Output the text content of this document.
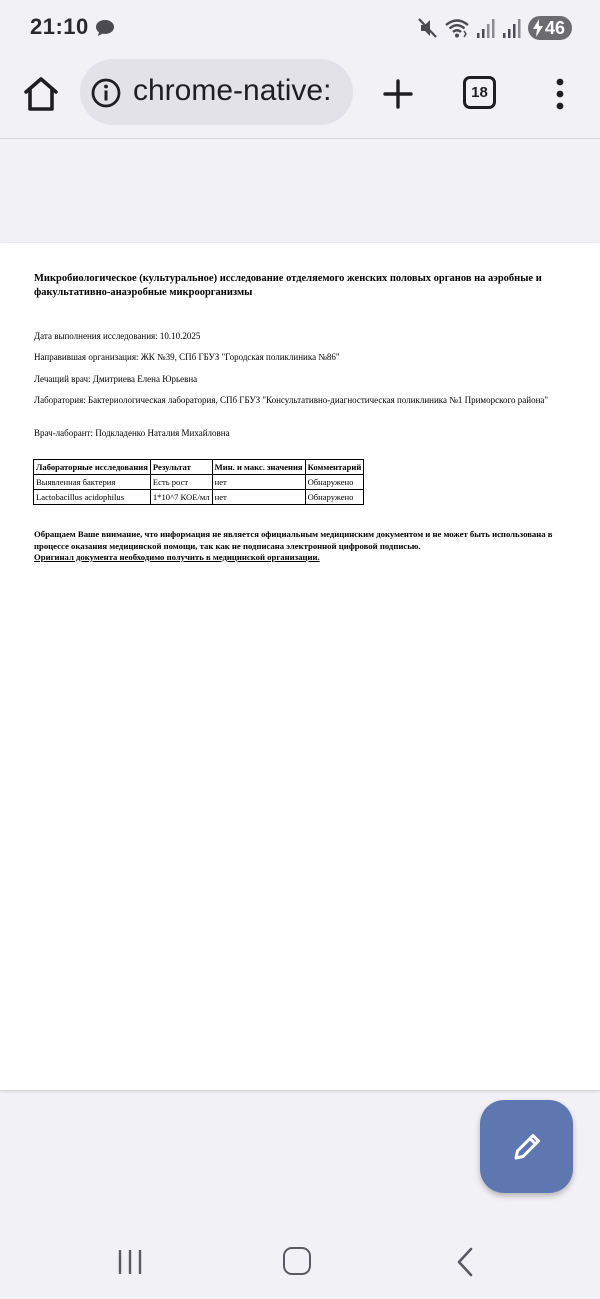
21:10	46
chrome-native:	18
Микробиологическое (культуральное) исследование отделяемого женских половых органов на аэробные и факультативно-анаэробные микроорганизмы
Дата выполнения исследования: 10.10.2025
Направившая организация: ЖК №39, СПб ГБУЗ "Городская поликлиника №86"
Лечащий врач: Дмитриева Елена Юрьевна
Лаборатория: Бактериологическая лаборатория, СПб ГБУЗ "Консультативно-диагностическая поликлиника №1 Приморского района"
Врач-лаборант: Подкладенко Наталия Михайловна
Лабораторные исследования	Результат	Мин. и макс. значения	Комментарий
Выявленная бактерия	Есть рост	нет	Обнаружено
Lactobacillus acidophilus	1*10^7 КОЕ/мл	нет	Обнаружено
Обращаем Ваше внимание, что информация не является официальным медицинским документом и не может быть использована в процессе оказания медицинской помощи, так как не подписана электронной цифровой подписью.
Оригинал документа необходимо получить в медицинской организации.
